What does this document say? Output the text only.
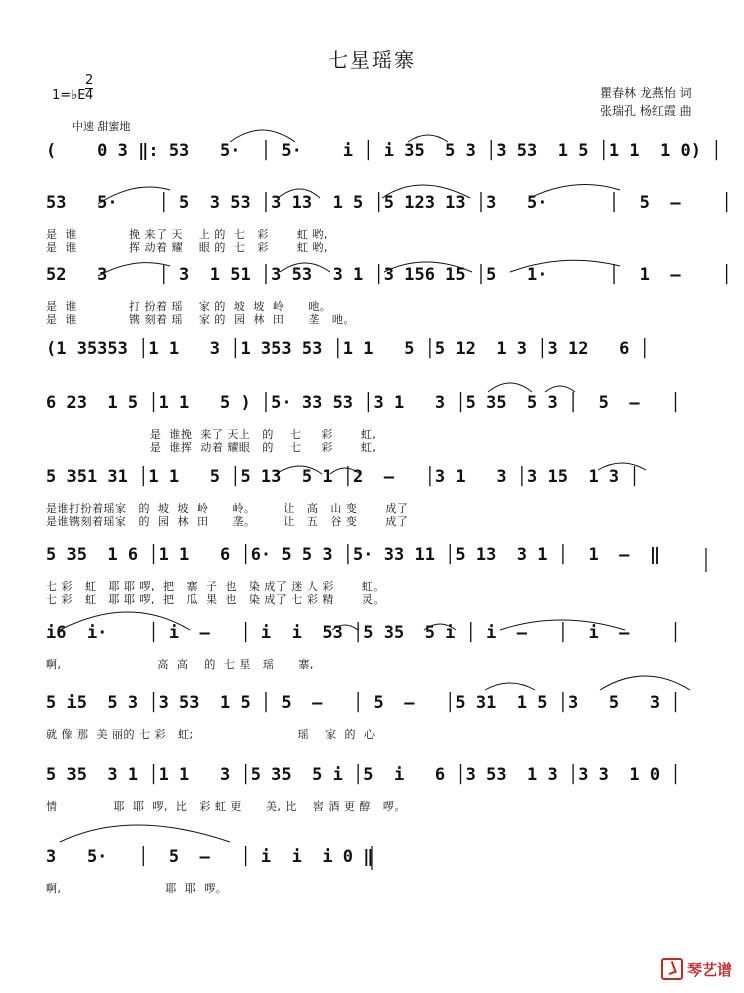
七星瑶寨
1=♭E $\frac{2}{4}$
中速 甜蜜地
瞿春林 龙燕怡 词
张瑞孔 杨红霞 曲
(    0 3 ‖: 53   5·  │ 5·    i │ i 35  5 3 │3 53  1 5 │1 1  1 0) │
53   5·    │ 5  3 53 │3 13  1 5 │5 123 13 │3   5·      │  5  –    │
是  谁             挽 来了 天    上 的  七   彩       虹 哟,
是  谁             挥 动着 耀    眼 的  七   彩       虹 哟,
52   3     │ 3  1 51 │3 53  3 1 │3 156 15 │5   1·      │  1  –    │
是  谁             打 扮着 瑶    家 的  坡  坡  岭      吔。
是  谁             镌 刻着 瑶    家 的  园  林  田      垄   吔。
(1 35353 │1 1   3 │1 353 53 │1 1   5 │5 12  1 3 │3 12   6 │
6 23  1 5 │1 1   5 ) │5· 33 53 │3 1   3 │5 35  5 3 │  5  –   │
是  谁挽  来了 天上   的    七     彩       虹,
是  谁挥  动着 耀眼   的    七     彩       虹,
5 351 31 │1 1   5 │5 13  5 1 │2  –   │3 1   3 │3 15  1 3 │
是谁打扮着瑶家   的  坡  坡  岭      岭。       让   高   山 变       成了
是谁镌刻着瑶家   的  园  林  田      垄。       让   五   谷 变       成了
5 35  1 6 │1 1   6 │6· 5 5 3 │5· 33 11 │5 13  3 1 │  1  –  ‖
七 彩   虹   耶 耶 啰,  把   寨  子  也   染 成了 迷 人 彩       虹。
七 彩   虹   耶 耶 啰,  把   瓜  果  也   染 成了 七 彩 精       灵。
i6  i·    │ i  –   │ i  i  53 │5 35  5 i │ i  –   │  i  –    │
啊,                        高  高    的  七 星   瑶      寨,
5 i5  5 3 │3 53  1 5 │ 5  –   │ 5  –   │5 31  1 5 │3   5   3 │
就 像 那  美 丽的 七 彩   虹;                          瑶    家  的  心
5 35  3 1 │1 1   3 │5 35  5 i │5  i   6 │3 53  1 3 │3 3  1 0 │
情              耶  耶  啰,  比   彩 虹 更      美, 比    窖 酒 更 醇   啰。
3   5·   │  5  –   │ i  i  i 0 ‖
啊,                          耶  耶  啰。
琴艺谱
